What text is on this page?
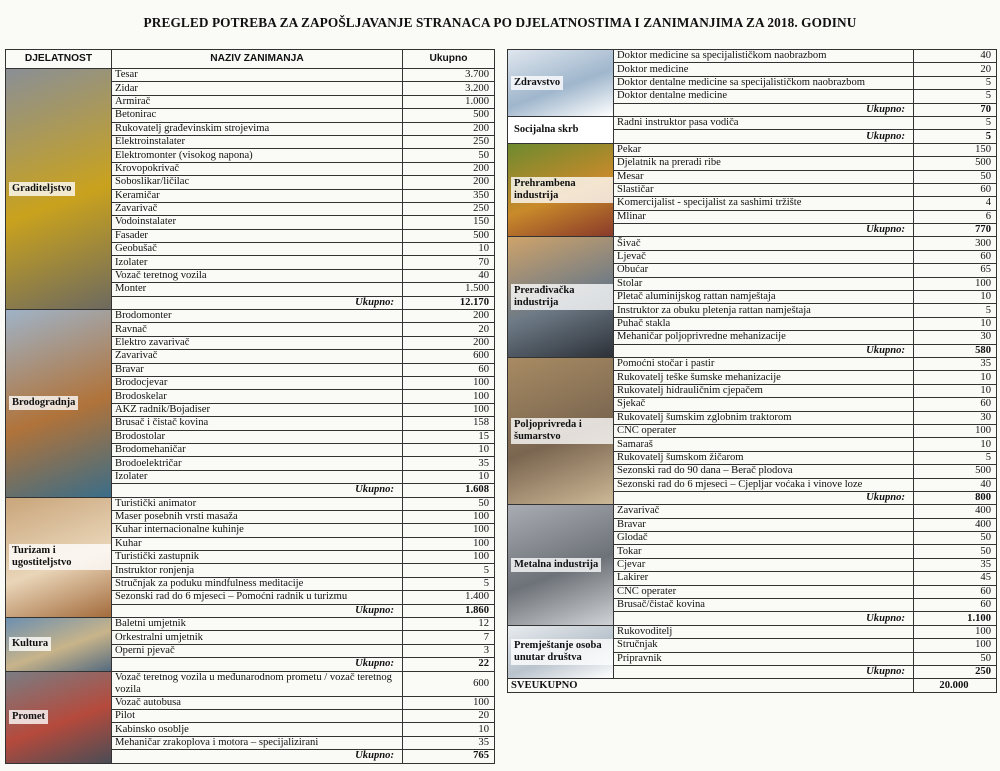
PREGLED POTREBA ZA ZAPOŠLJAVANJE STRANACA PO DJELATNOSTIMA I ZANIMANJIMA ZA 2018. GODINU
DJELATNOST	NAZIV ZANIMANJA	Ukupno

Graditeljstvo	Tesar	3.700
	Zidar	3.200
	Armirač	1.000
	Betonirac	500
	Rukovatelj građevinskim strojevima	200
	Elektroinstalater	250
	Elektromonter (visokog napona)	50
	Krovopokrivač	200
	Soboslikar/ličilac	200
	Keramičar	350
	Zavarivač	250
	Vodoinstalater	150
	Fasader	500
	Geobušač	10
	Izolater	70
	Vozač teretnog vozila	40
	Monter	1.500
	Ukupno:	12.170

Brodogradnja	Brodomonter	200
	Ravnač	20
	Elektro zavarivač	200
	Zavarivač	600
	Bravar	60
	Brodocjevar	100
	Brodoskelar	100
	AKZ radnik/Bojadiser	100
	Brusač i čistač kovina	158
	Brodostolar	15
	Brodomehaničar	10
	Brodoelektričar	35
	Izolater	10
	Ukupno:	1.608

Turizam i ugostiteljstvo	Turistički animator	50
	Maser posebnih vrsti masaža	100
	Kuhar internacionalne kuhinje	100
	Kuhar	100
	Turistički zastupnik	100
	Instruktor ronjenja	5
	Stručnjak za poduku mindfulness meditacije	5
	Sezonski rad do 6 mjeseci – Pomoćni radnik u turizmu	1.400
	Ukupno:	1.860

Kultura	Baletni umjetnik	12
	Orkestralni umjetnik	7
	Operni pjevač	3
	Ukupno:	22

Promet	Vozač teretnog vozila u međunarodnom prometu / vozač teretnog vozila	600
	Vozač autobusa	100
	Pilot	20
	Kabinsko osoblje	10
	Mehaničar zrakoplova i motora – specijalizirani	35
	Ukupno:	765
Zdravstvo	Doktor medicine sa specijalističkom naobrazbom	40
	Doktor medicine	20
	Doktor dentalne medicine sa specijalističkom naobrazbom	5
	Doktor dentalne medicine	5
	Ukupno:	70

Socijalna skrb	Radni instruktor pasa vodiča	5
	Ukupno:	5

Prehrambena industrija	Pekar	150
	Djelatnik na preradi ribe	500
	Mesar	50
	Slastičar	60
	Komercijalist - specijalist za sashimi tržište	4
	Mlinar	6
	Ukupno:	770

Prerađivačka industrija	Šivač	300
	Ljevač	60
	Obućar	65
	Stolar	100
	Pletač aluminijskog rattan namještaja	10
	Instruktor za obuku pletenja rattan namještaja	5
	Puhač stakla	10
	Mehaničar poljoprivredne mehanizacije	30
	Ukupno:	580

Poljoprivreda i šumarstvo	Pomoćni stočar i pastir	35
	Rukovatelj teške šumske mehanizacije	10
	Rukovatelj hidrauličnim cjepačem	10
	Sjekač	60
	Rukovatelj šumskim zglobnim traktorom	30
	CNC operater	100
	Samaraš	10
	Rukovatelj šumskom žičarom	5
	Sezonski rad do 90 dana – Berač plodova	500
	Sezonski rad do 6 mjeseci – Cjepljar voćaka i vinove loze	40
	Ukupno:	800

Metalna industrija	Zavarivač	400
	Bravar	400
	Glodač	50
	Tokar	50
	Cjevar	35
	Lakirer	45
	CNC operater	60
	Brusač/čistač kovina	60
	Ukupno:	1.100

Premještanje osoba unutar društva	Rukovoditelj	100
	Stručnjak	100
	Pripravnik	50
	Ukupno:	250
SVEUKUPNO		20.000
